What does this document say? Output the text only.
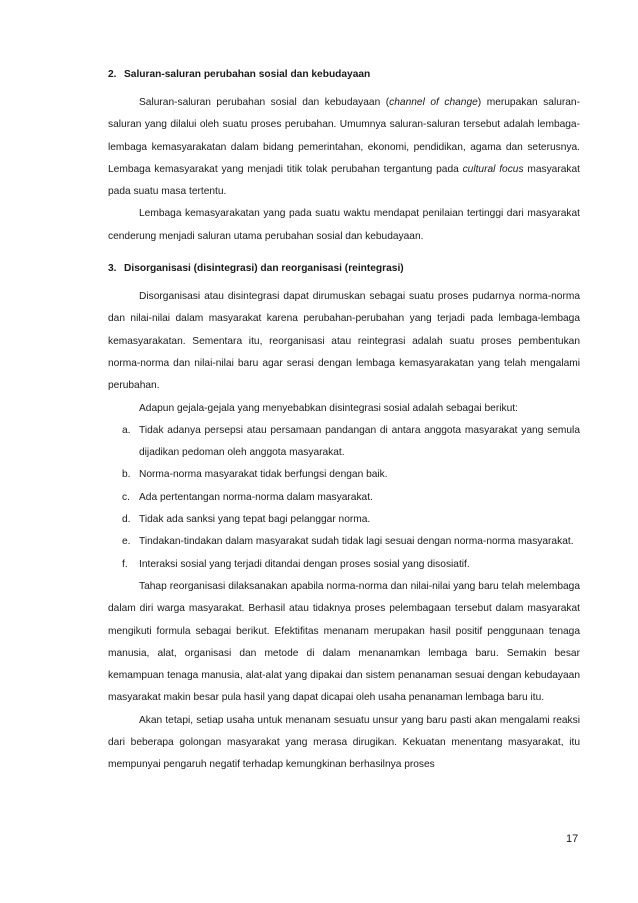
2. Saluran-saluran perubahan sosial dan kebudayaan

Saluran-saluran perubahan sosial dan kebudayaan (channel of change) merupakan saluran-saluran yang dilalui oleh suatu proses perubahan. Umumnya saluran-saluran tersebut adalah lembaga-lembaga kemasyarakatan dalam bidang pemerintahan, ekonomi, pendidikan, agama dan seterusnya. Lembaga kemasyarakat yang menjadi titik tolak perubahan tergantung pada cultural focus masyarakat pada suatu masa tertentu.

Lembaga kemasyarakatan yang pada suatu waktu mendapat penilaian tertinggi dari masyarakat cenderung menjadi saluran utama perubahan sosial dan kebudayaan.

3. Disorganisasi (disintegrasi) dan reorganisasi (reintegrasi)

Disorganisasi atau disintegrasi dapat dirumuskan sebagai suatu proses pudarnya norma-norma dan nilai-nilai dalam masyarakat karena perubahan-perubahan yang terjadi pada lembaga-lembaga kemasyarakatan. Sementara itu, reorganisasi atau reintegrasi adalah suatu proses pembentukan norma-norma dan nilai-nilai baru agar serasi dengan lembaga kemasyarakatan yang telah mengalami perubahan.

Adapun gejala-gejala yang menyebabkan disintegrasi sosial adalah sebagai berikut:

a. Tidak adanya persepsi atau persamaan pandangan di antara anggota masyarakat yang semula dijadikan pedoman oleh anggota masyarakat.
b. Norma-norma masyarakat tidak berfungsi dengan baik.
c. Ada pertentangan norma-norma dalam masyarakat.
d. Tidak ada sanksi yang tepat bagi pelanggar norma.
e. Tindakan-tindakan dalam masyarakat sudah tidak lagi sesuai dengan norma-norma masyarakat.
f. Interaksi sosial yang terjadi ditandai dengan proses sosial yang disosiatif.

Tahap reorganisasi dilaksanakan apabila norma-norma dan nilai-nilai yang baru telah melembaga dalam diri warga masyarakat. Berhasil atau tidaknya proses pelembagaan tersebut dalam masyarakat mengikuti formula sebagai berikut. Efektifitas menanam merupakan hasil positif penggunaan tenaga manusia, alat, organisasi dan metode di dalam menanamkan lembaga baru. Semakin besar kemampuan tenaga manusia, alat-alat yang dipakai dan sistem penanaman sesuai dengan kebudayaan masyarakat makin besar pula hasil yang dapat dicapai oleh usaha penanaman lembaga baru itu.

Akan tetapi, setiap usaha untuk menanam sesuatu unsur yang baru pasti akan mengalami reaksi dari beberapa golongan masyarakat yang merasa dirugikan. Kekuatan menentang masyarakat, itu mempunyai pengaruh negatif terhadap kemungkinan berhasilnya proses

17
